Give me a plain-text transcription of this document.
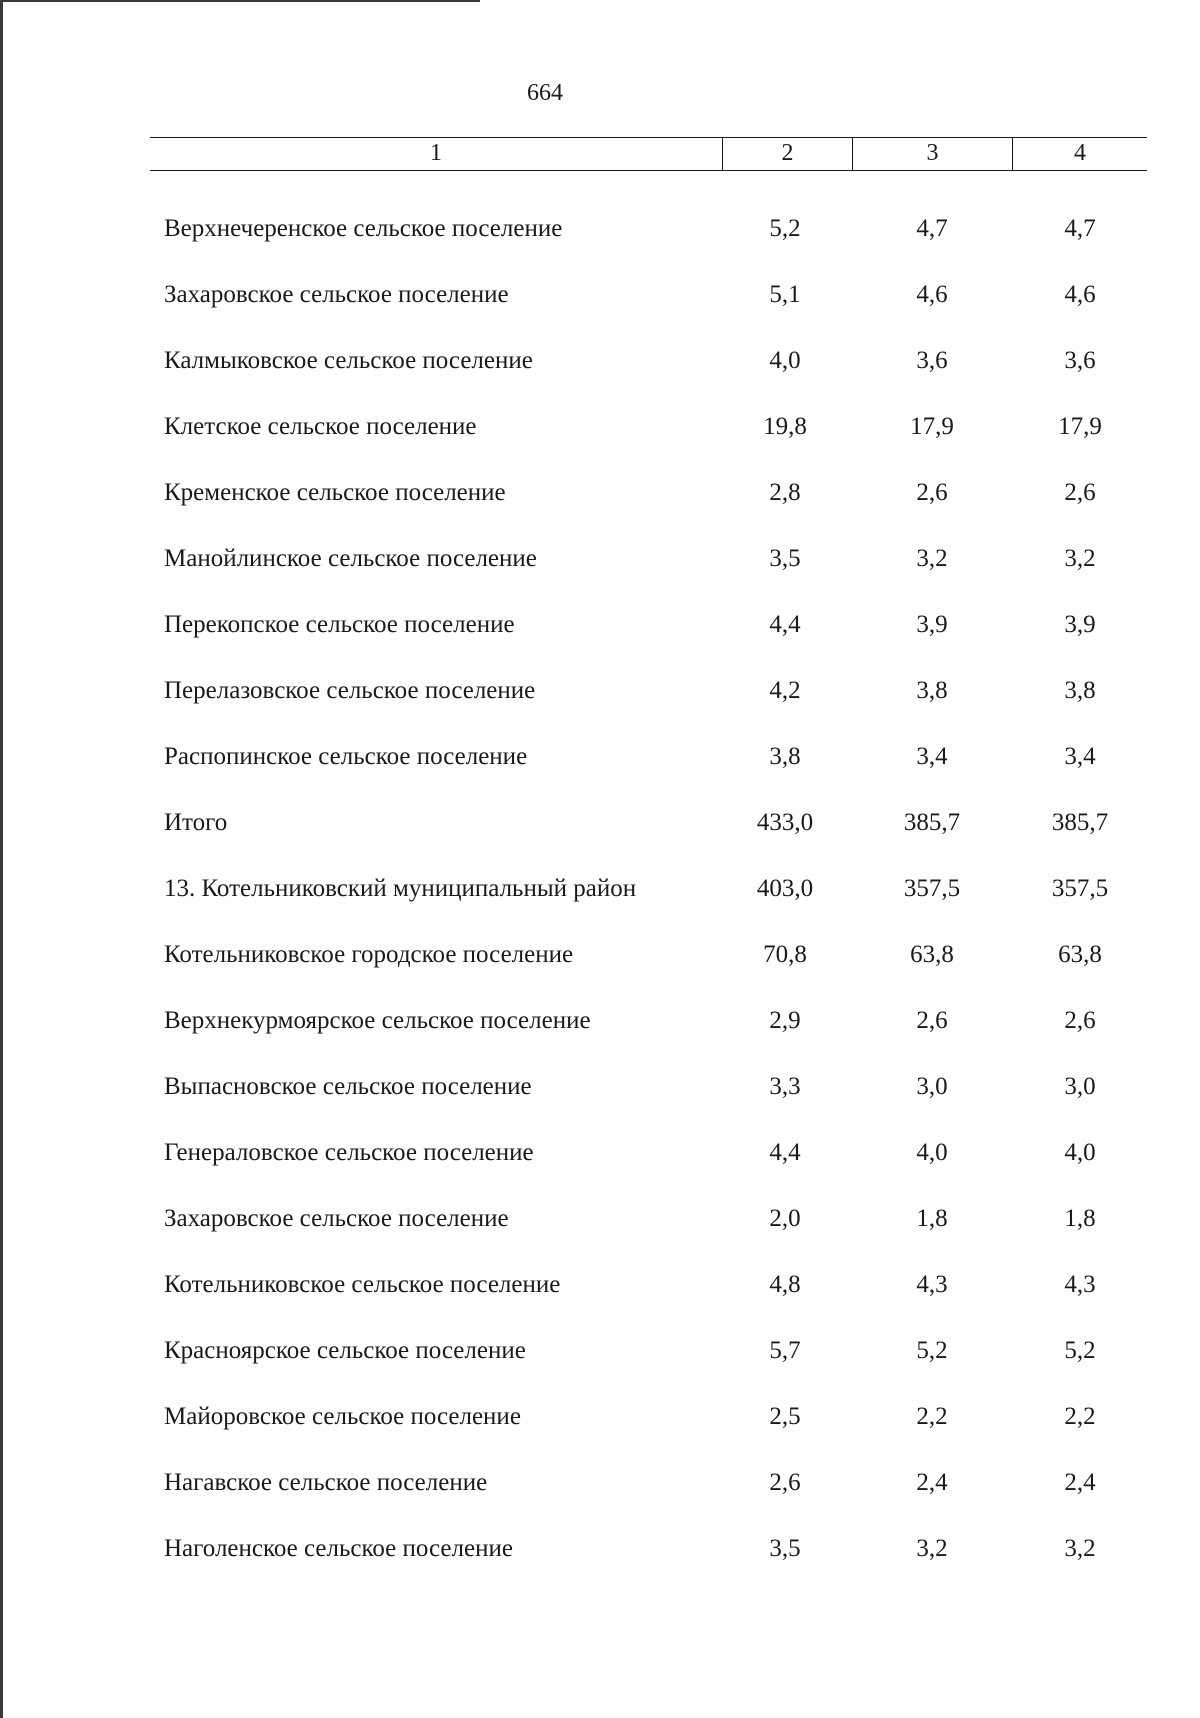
664
1	2	3	4
Верхнечеренское сельское поселение	5,2	4,7	4,7
Захаровское сельское поселение	5,1	4,6	4,6
Калмыковское сельское поселение	4,0	3,6	3,6
Клетское сельское поселение	19,8	17,9	17,9
Кременское сельское поселение	2,8	2,6	2,6
Манойлинское сельское поселение	3,5	3,2	3,2
Перекопское сельское поселение	4,4	3,9	3,9
Перелазовское сельское поселение	4,2	3,8	3,8
Распопинское сельское поселение	3,8	3,4	3,4
Итого	433,0	385,7	385,7
13. Котельниковский муниципальный район	403,0	357,5	357,5
Котельниковское городское поселение	70,8	63,8	63,8
Верхнекурмоярское сельское поселение	2,9	2,6	2,6
Выпасновское сельское поселение	3,3	3,0	3,0
Генераловское сельское поселение	4,4	4,0	4,0
Захаровское сельское поселение	2,0	1,8	1,8
Котельниковское сельское поселение	4,8	4,3	4,3
Красноярское сельское поселение	5,7	5,2	5,2
Майоровское сельское поселение	2,5	2,2	2,2
Нагавское сельское поселение	2,6	2,4	2,4
Наголенское сельское поселение	3,5	3,2	3,2
